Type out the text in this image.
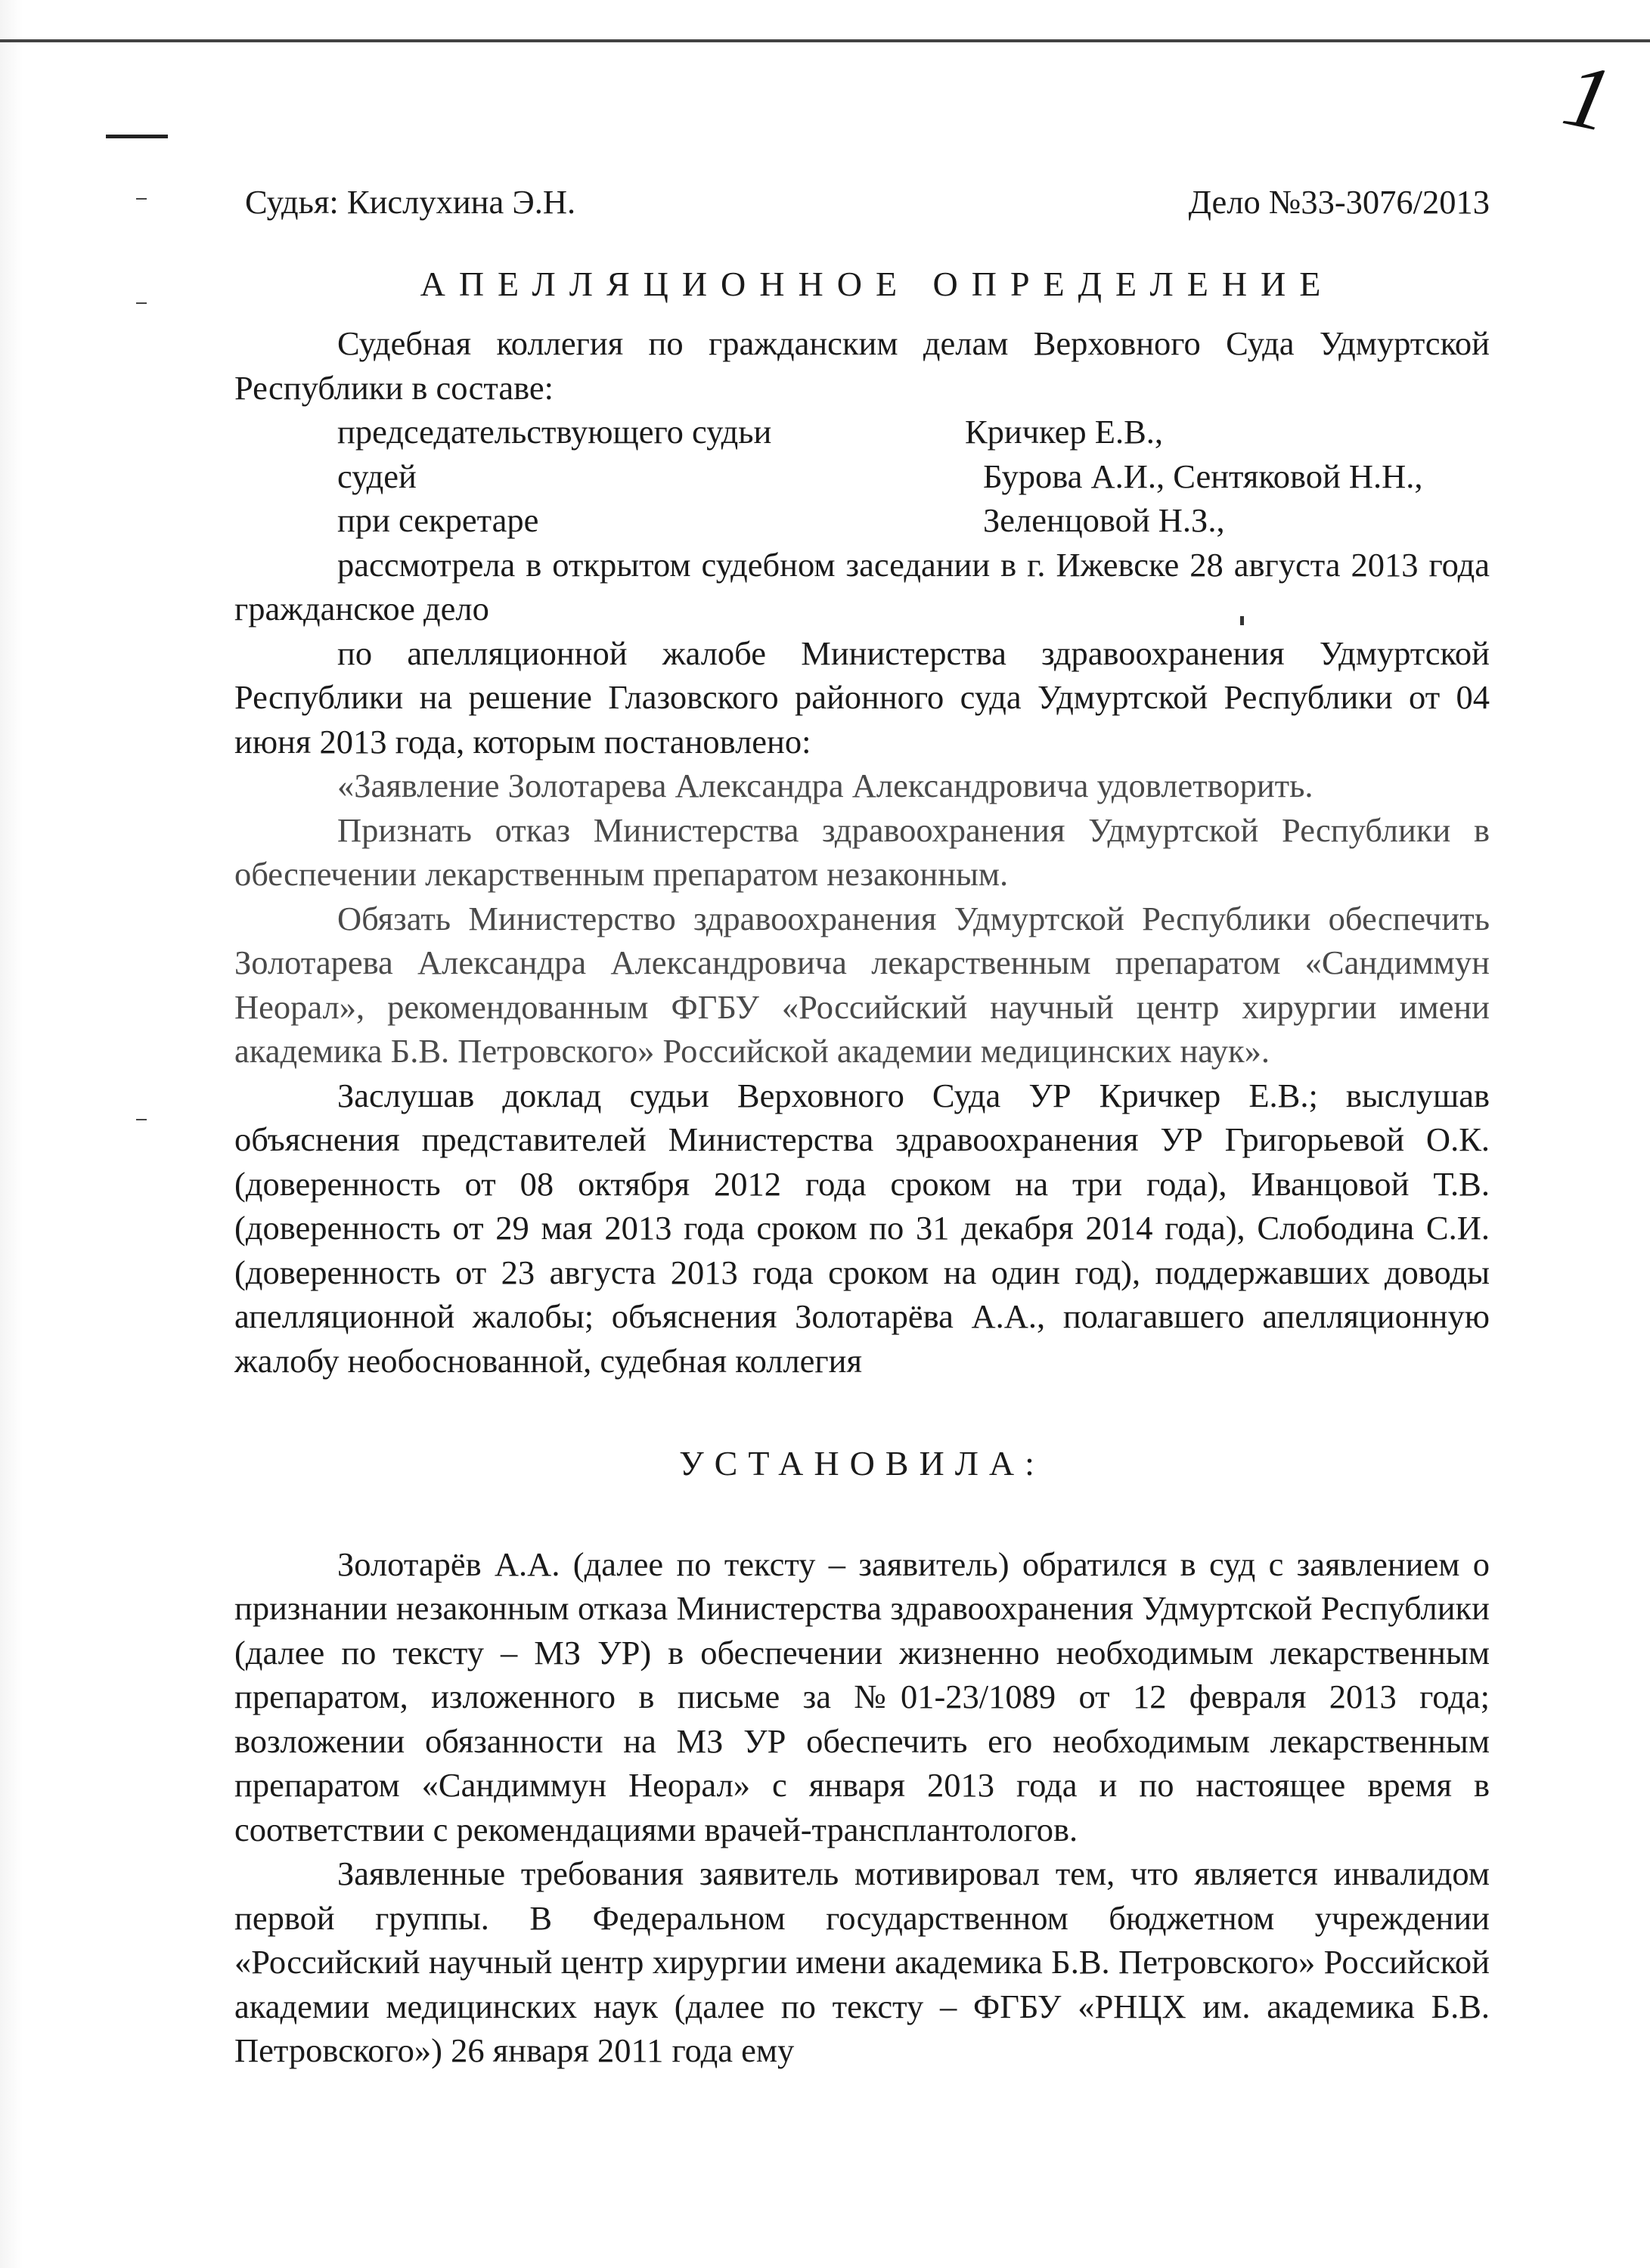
1
Судья: Кислухина Э.Н.	Дело №33-3076/2013
АПЕЛЛЯЦИОННОЕ ОПРЕДЕЛЕНИЕ

Судебная коллегия по гражданским делам Верховного Суда Удмуртской Республики в составе:

председательствующего судьи	Кричкер Е.В.,
судей	Бурова А.И., Сентяковой Н.Н.,
при секретаре	Зеленцовой Н.З.,

рассмотрела в открытом судебном заседании в г. Ижевске 28 августа 2013 года гражданское дело

по апелляционной жалобе Министерства здравоохранения Удмуртской Республики на решение Глазовского районного суда Удмуртской Республики от 04 июня 2013 года, которым постановлено:

«Заявление Золотарева Александра Александровича удовлетворить.

Признать отказ Министерства здравоохранения Удмуртской Республики в обеспечении лекарственным препаратом незаконным.

Обязать Министерство здравоохранения Удмуртской Республики обеспечить Золотарева Александра Александровича лекарственным препаратом «Сандиммун Неорал», рекомендованным ФГБУ «Российский научный центр хирургии имени академика Б.В. Петровского» Российской академии медицинских наук».

Заслушав доклад судьи Верховного Суда УР Кричкер Е.В.; выслушав объяснения представителей Министерства здравоохранения УР Григорьевой О.К. (доверенность от 08 октября 2012 года сроком на три года), Иванцовой Т.В. (доверенность от 29 мая 2013 года сроком по 31 декабря 2014 года), Слободина С.И. (доверенность от 23 августа 2013 года сроком на один год), поддержавших доводы апелляционной жалобы; объяснения Золотарёва А.А., полагавшего апелляционную жалобу необоснованной, судебная коллегия

УСТАНОВИЛА:

Золотарёв А.А. (далее по тексту – заявитель) обратился в суд с заявлением о признании незаконным отказа Министерства здравоохранения Удмуртской Республики (далее по тексту – МЗ УР) в обеспечении жизненно необходимым лекарственным препаратом, изложенного в письме за №01-23/1089 от 12 февраля 2013 года; возложении обязанности на МЗ УР обеспечить его необходимым лекарственным препаратом «Сандиммун Неорал» с января 2013 года и по настоящее время в соответствии с рекомендациями врачей-трансплантологов.

Заявленные требования заявитель мотивировал тем, что является инвалидом первой группы. В Федеральном государственном бюджетном учреждении «Российский научный центр хирургии имени академика Б.В. Петровского» Российской академии медицинских наук (далее по тексту – ФГБУ «РНЦХ им. академика Б.В. Петровского») 26 января 2011 года ему
